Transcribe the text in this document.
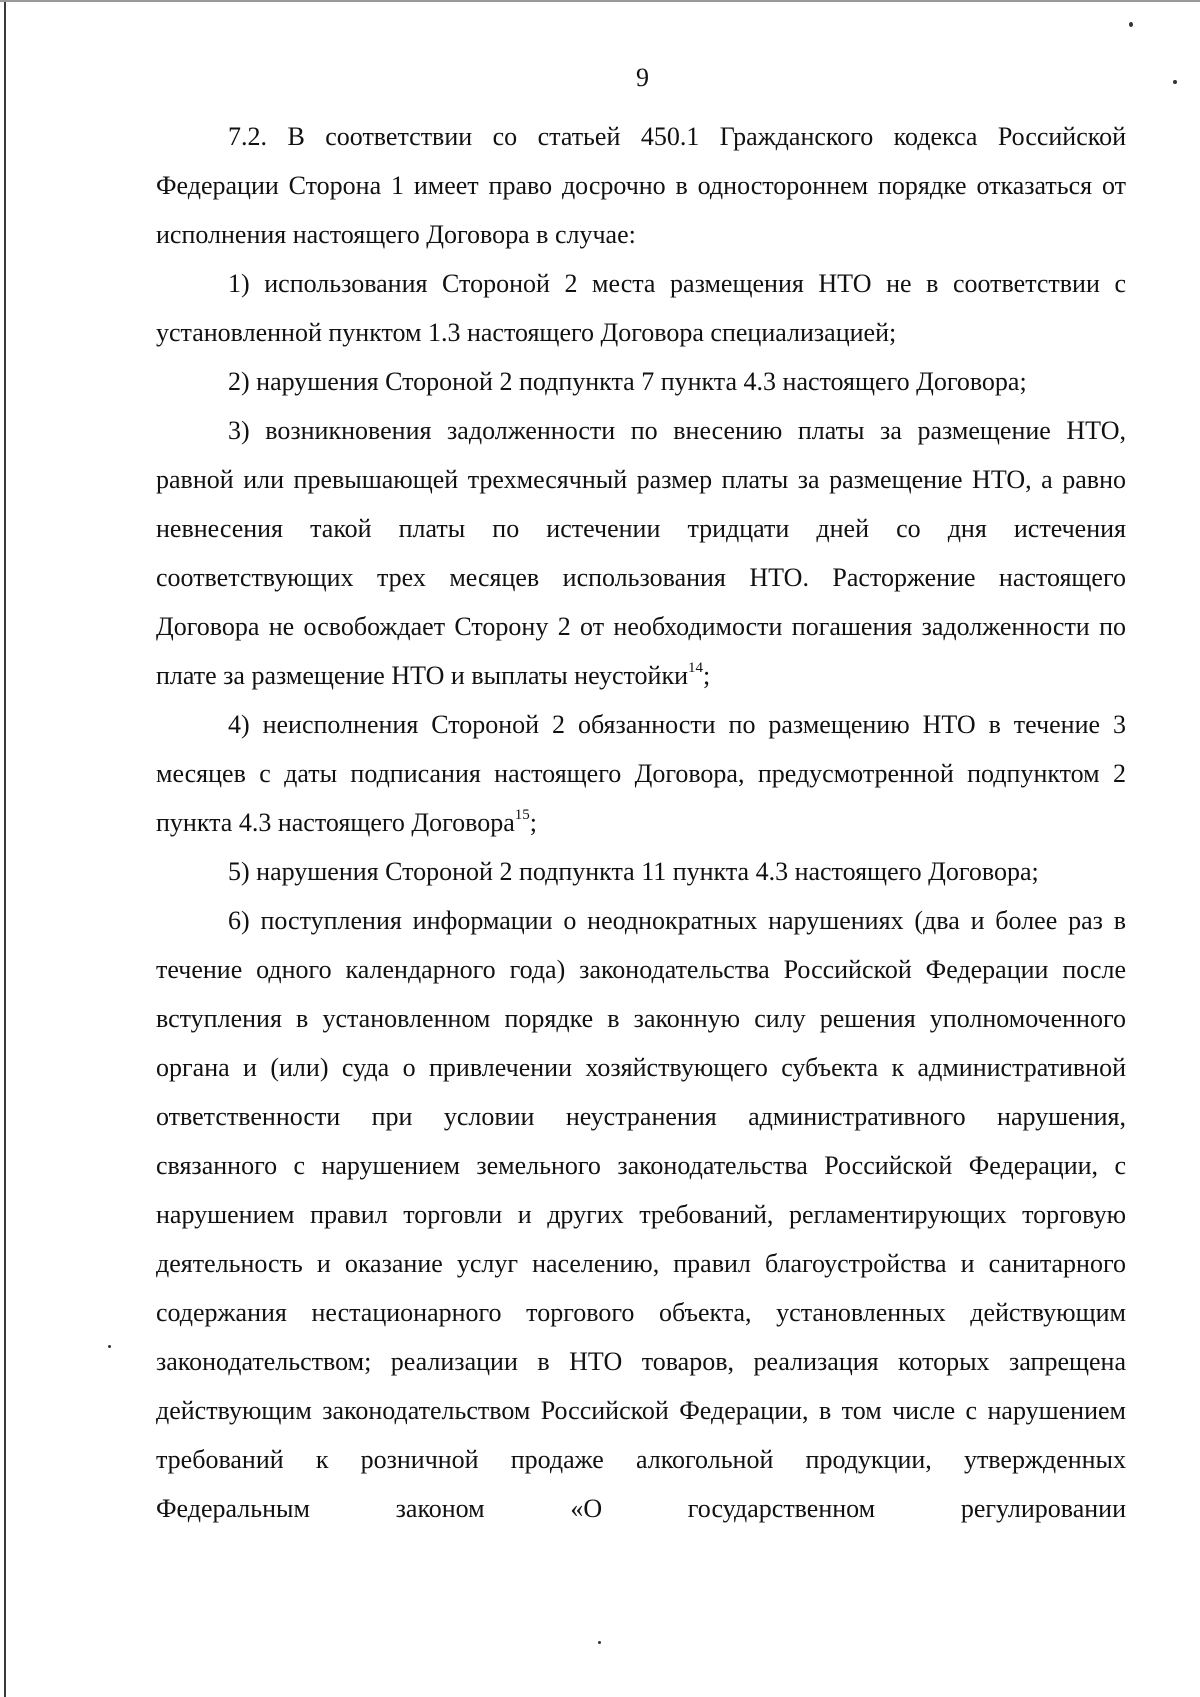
9

7.2. В соответствии со статьей 450.1 Гражданского кодекса Российской Федерации Сторона 1 имеет право досрочно в одностороннем порядке отказаться от исполнения настоящего Договора в случае:

1) использования Стороной 2 места размещения НТО не в соответствии с установленной пунктом 1.3 настоящего Договора специализацией;

2) нарушения Стороной 2 подпункта 7 пункта 4.3 настоящего Договора;

3) возникновения задолженности по внесению платы за размещение НТО, равной или превышающей трехмесячный размер платы за размещение НТО, а равно невнесения такой платы по истечении тридцати дней со дня истечения соответствующих трех месяцев использования НТО. Расторжение настоящего Договора не освобождает Сторону 2 от необходимости погашения задолженности по плате за размещение НТО и выплаты неустойки$^{14}$;

4) неисполнения Стороной 2 обязанности по размещению НТО в течение 3 месяцев с даты подписания настоящего Договора, предусмотренной подпунктом 2 пункта 4.3 настоящего Договора$^{15}$;

5) нарушения Стороной 2 подпункта 11 пункта 4.3 настоящего Договора;

6) поступления информации о неоднократных нарушениях (два и более раз в течение одного календарного года) законодательства Российской Федерации после вступления в установленном порядке в законную силу решения уполномоченного органа и (или) суда о привлечении хозяйствующего субъекта к административной ответственности при условии неустранения административного нарушения, связанного с нарушением земельного законодательства Российской Федерации, с нарушением правил торговли и других требований, регламентирующих торговую деятельность и оказание услуг населению, правил благоустройства и санитарного содержания нестационарного торгового объекта, установленных действующим законодательством; реализации в НТО товаров, реализация которых запрещена действующим законодательством Российской Федерации, в том числе с нарушением требований к розничной продаже алкогольной продукции, утвержденных Федеральным законом «О государственном регулировании
